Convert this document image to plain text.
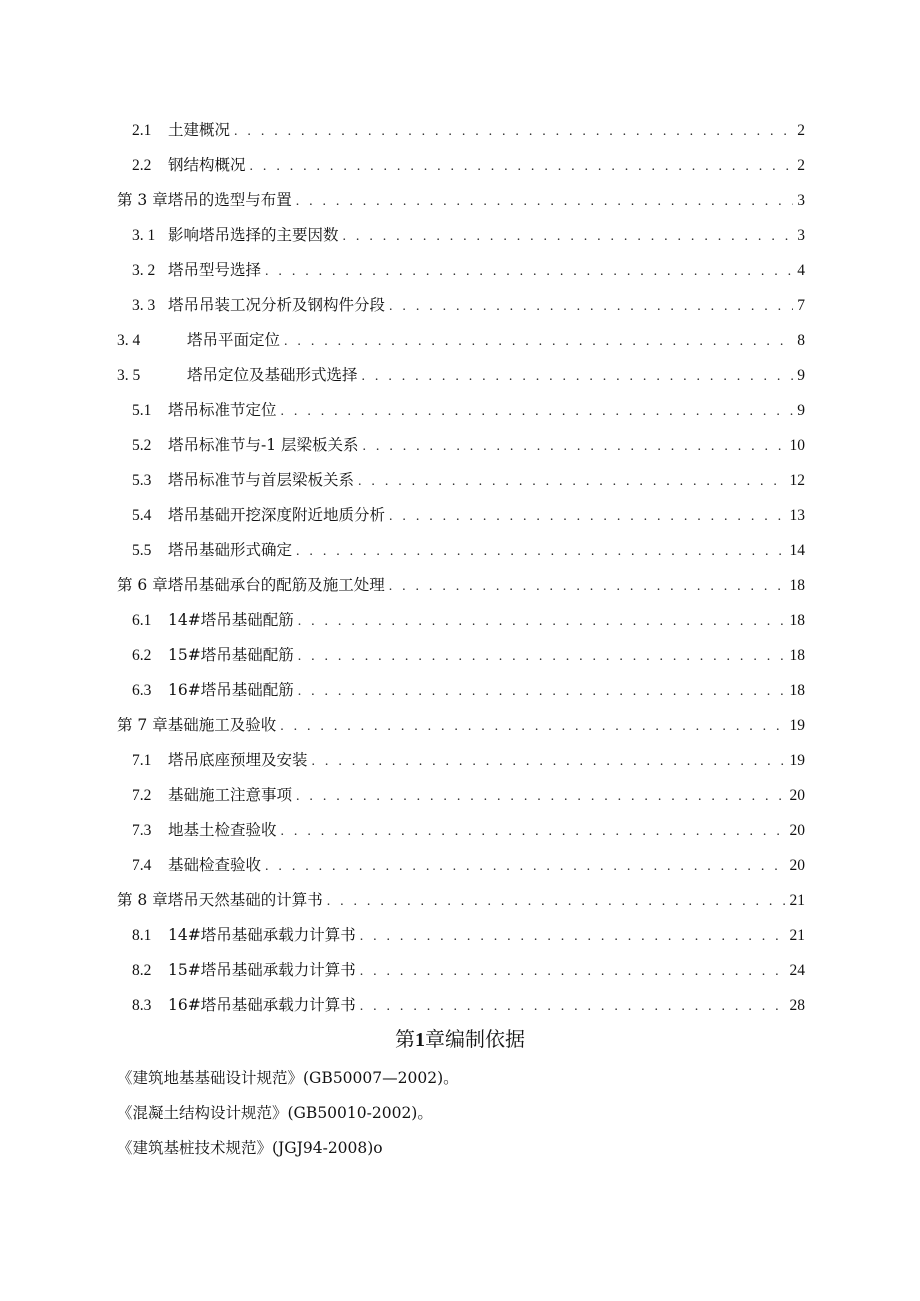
2.1	土建概况 . . .	2
2.2	钢结构概况 . . .	2
第 3 章塔吊的选型与布置 . . .	3
3. 1 影响塔吊选择的主要因数 . . .	3
3. 2 塔吊型号选择 . . .	4
3. 3 塔吊吊装工况分析及钢构件分段 . . .	7
3. 4	塔吊平面定位 . . .	8
3. 5	塔吊定位及基础形式选择 . . .	9
5.1	塔吊标准节定位 . . .	9
5.2	塔吊标准节与-1 层梁板关系 . . .	10
5.3	塔吊标准节与首层梁板关系 . . .	12
5.4	塔吊基础开挖深度附近地质分析 . . .	13
5.5	塔吊基础形式确定 . . .	14
第 6 章塔吊基础承台的配筋及施工处理 . . .	18
6.1	14#塔吊基础配筋 . . .	18
6.2	15#塔吊基础配筋 . . .	18
6.3	16#塔吊基础配筋 . . .	18
第 7 章基础施工及验收 . . .	19
7.1	塔吊底座预埋及安装 . . .	19
7.2	基础施工注意事项 . . .	20
7.3	地基土检查验收 . . .	20
7.4	基础检查验收 . . .	20
第 8 章塔吊天然基础的计算书 . . .	21
8.1	14#塔吊基础承载力计算书 . . .	21
8.2	15#塔吊基础承载力计算书 . . .	24
8.3	16#塔吊基础承载力计算书 . . .	28
第1章编制依据
《建筑地基基础设计规范》(GB50007—2002)。
《混凝土结构设计规范》(GB50010-2002)。
《建筑基桩技术规范》(JGJ94-2008)o
